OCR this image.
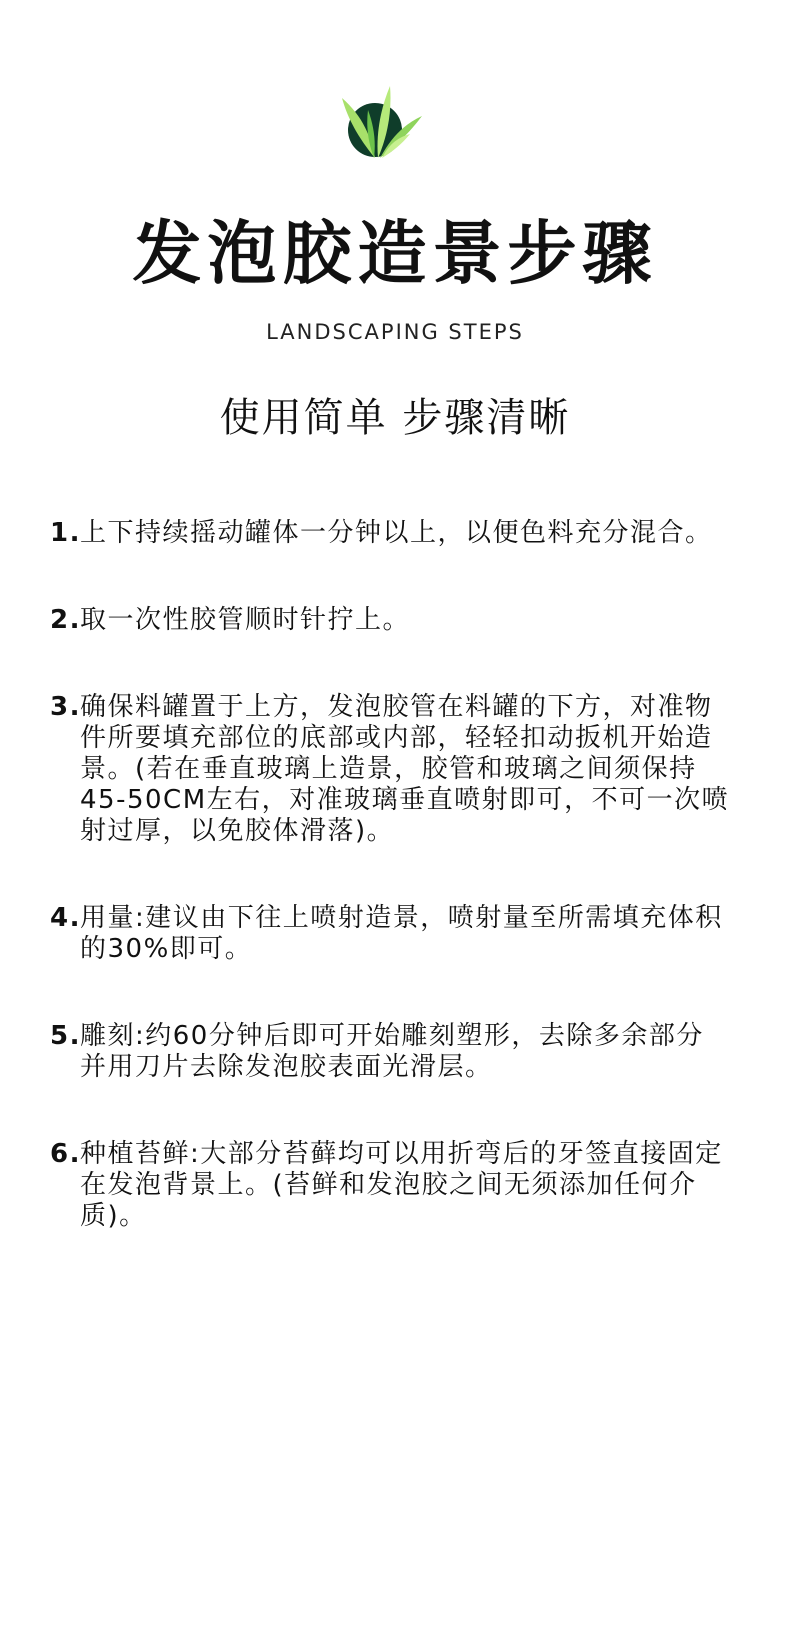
发泡胶造景步骤
LANDSCAPING STEPS
使用简单 步骤清晰
1. 上下持续摇动罐体一分钟以上，以便色料充分混合。
2. 取一次性胶管顺时针拧上。
3. 确保料罐置于上方，发泡胶管在料罐的下方，对准物件所要填充部位的底部或内部，轻轻扣动扳机开始造景。(若在垂直玻璃上造景，胶管和玻璃之间须保持45-50CM左右，对准玻璃垂直喷射即可，不可一次喷射过厚，以免胶体滑落)。
4. 用量:建议由下往上喷射造景，喷射量至所需填充体积的30%即可。
5. 雕刻:约60分钟后即可开始雕刻塑形，去除多余部分并用刀片去除发泡胶表面光滑层。
6. 种植苔鲜:大部分苔藓均可以用折弯后的牙签直接固定在发泡背景上。(苔鲜和发泡胶之间无须添加任何介质)。
